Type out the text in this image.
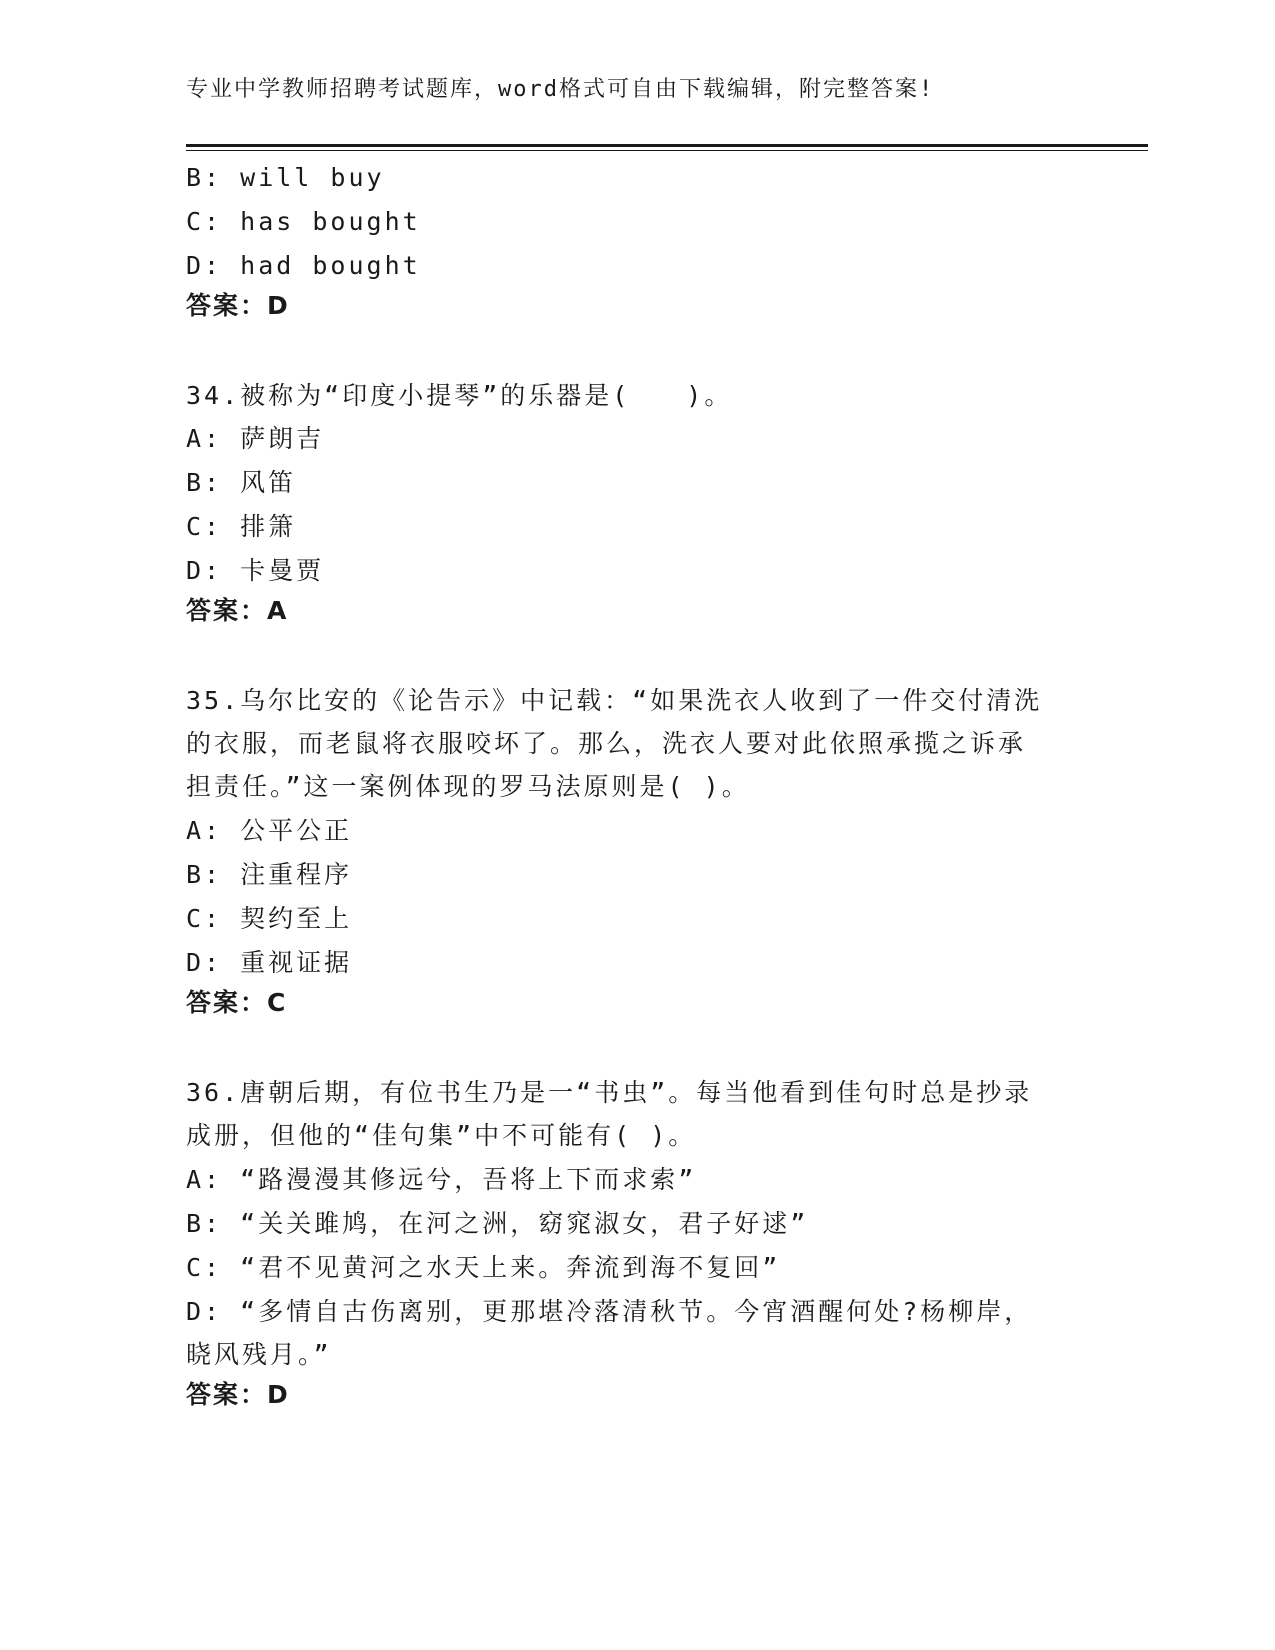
专业中学教师招聘考试题库，word格式可自由下载编辑，附完整答案!
B: will buy
C: has bought
D: had bought
答案：D
34.被称为“印度小提琴”的乐器是(　　)。
A: 萨朗吉
B: 风笛
C: 排箫
D: 卡曼贾
答案：A
35.乌尔比安的《论告示》中记载：“如果洗衣人收到了一件交付清洗
的衣服，而老鼠将衣服咬坏了。那么，洗衣人要对此依照承揽之诉承
担责任。”这一案例体现的罗马法原则是( )。
A: 公平公正
B: 注重程序
C: 契约至上
D: 重视证据
答案：C
36.唐朝后期，有位书生乃是一“书虫”。每当他看到佳句时总是抄录
成册，但他的“佳句集”中不可能有( )。
A: “路漫漫其修远兮，吾将上下而求索”
B: “关关雎鸠，在河之洲，窈窕淑女，君子好逑”
C: “君不见黄河之水天上来。奔流到海不复回”
D: “多情自古伤离别，更那堪冷落清秋节。今宵酒醒何处?杨柳岸，
晓风残月。”
答案：D
